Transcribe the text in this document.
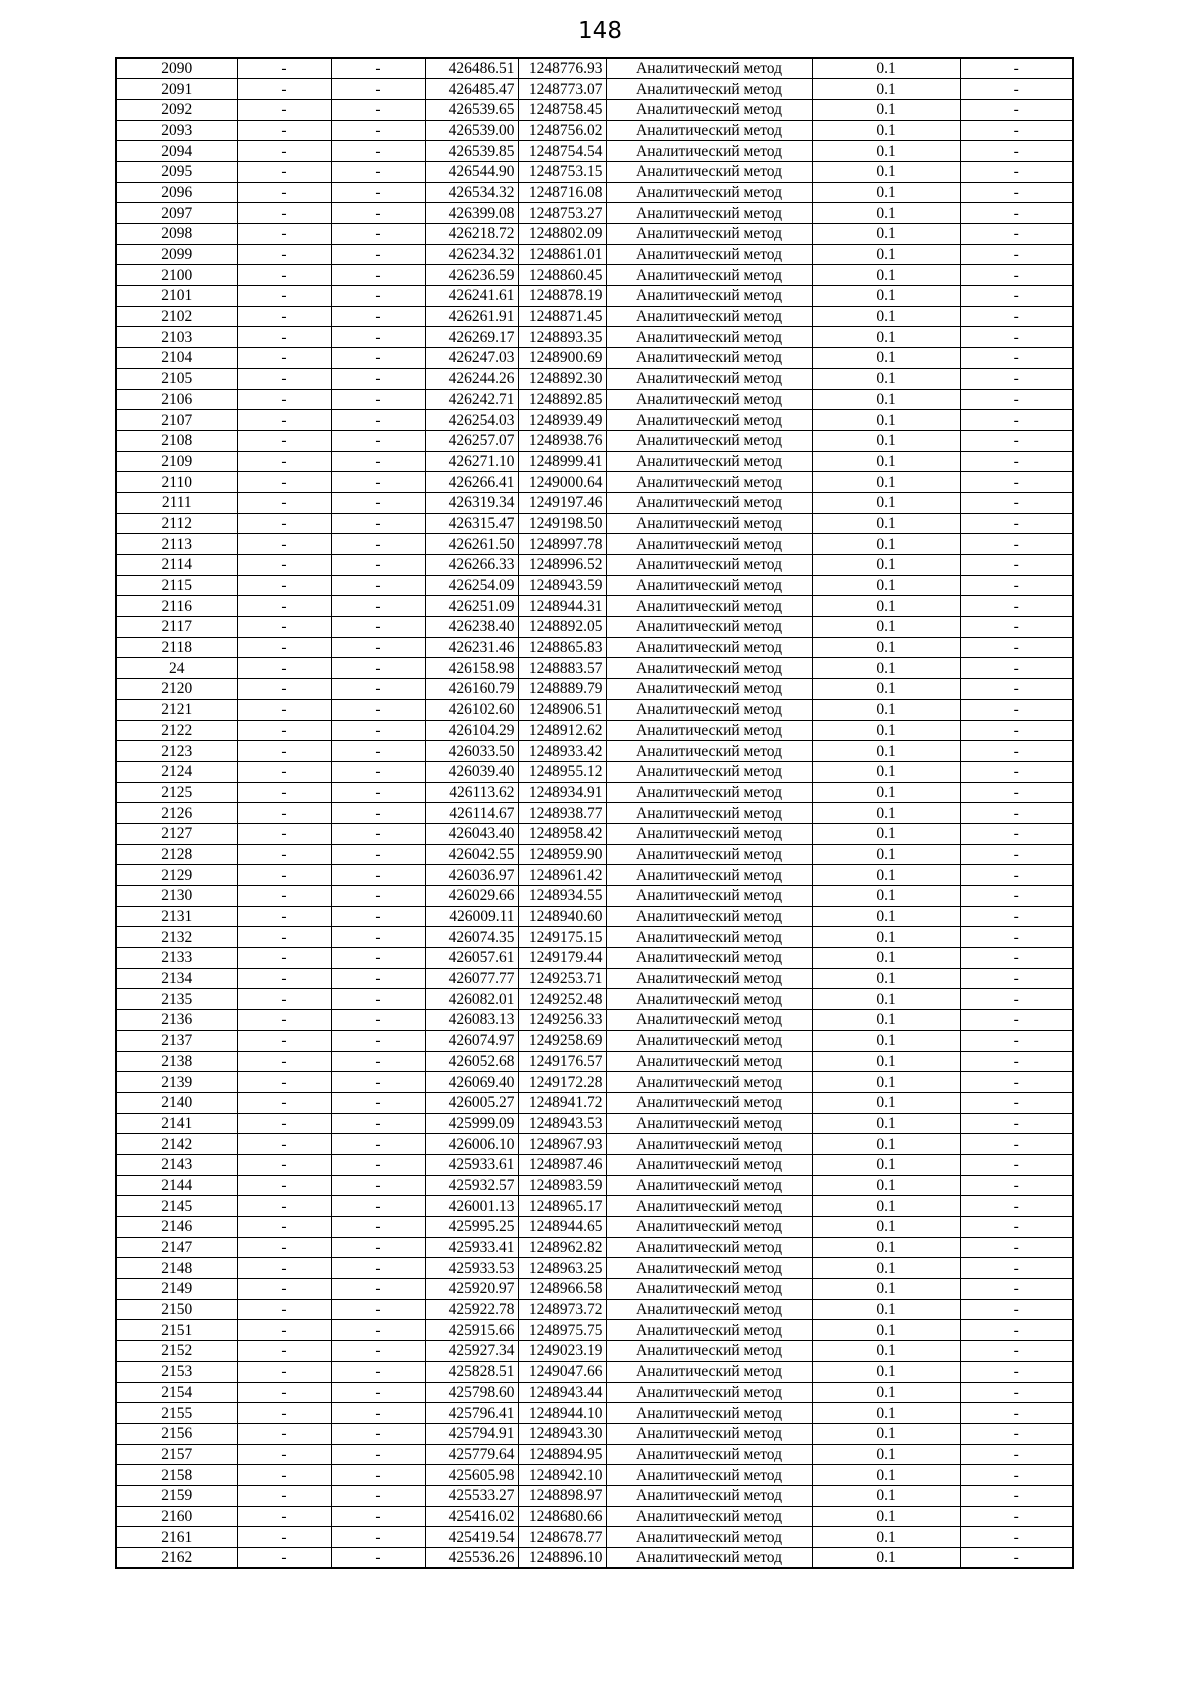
148
2090	-	-	426486.51	1248776.93	Аналитический метод	0.1	-
2091	-	-	426485.47	1248773.07	Аналитический метод	0.1	-
2092	-	-	426539.65	1248758.45	Аналитический метод	0.1	-
2093	-	-	426539.00	1248756.02	Аналитический метод	0.1	-
2094	-	-	426539.85	1248754.54	Аналитический метод	0.1	-
2095	-	-	426544.90	1248753.15	Аналитический метод	0.1	-
2096	-	-	426534.32	1248716.08	Аналитический метод	0.1	-
2097	-	-	426399.08	1248753.27	Аналитический метод	0.1	-
2098	-	-	426218.72	1248802.09	Аналитический метод	0.1	-
2099	-	-	426234.32	1248861.01	Аналитический метод	0.1	-
2100	-	-	426236.59	1248860.45	Аналитический метод	0.1	-
2101	-	-	426241.61	1248878.19	Аналитический метод	0.1	-
2102	-	-	426261.91	1248871.45	Аналитический метод	0.1	-
2103	-	-	426269.17	1248893.35	Аналитический метод	0.1	-
2104	-	-	426247.03	1248900.69	Аналитический метод	0.1	-
2105	-	-	426244.26	1248892.30	Аналитический метод	0.1	-
2106	-	-	426242.71	1248892.85	Аналитический метод	0.1	-
2107	-	-	426254.03	1248939.49	Аналитический метод	0.1	-
2108	-	-	426257.07	1248938.76	Аналитический метод	0.1	-
2109	-	-	426271.10	1248999.41	Аналитический метод	0.1	-
2110	-	-	426266.41	1249000.64	Аналитический метод	0.1	-
2111	-	-	426319.34	1249197.46	Аналитический метод	0.1	-
2112	-	-	426315.47	1249198.50	Аналитический метод	0.1	-
2113	-	-	426261.50	1248997.78	Аналитический метод	0.1	-
2114	-	-	426266.33	1248996.52	Аналитический метод	0.1	-
2115	-	-	426254.09	1248943.59	Аналитический метод	0.1	-
2116	-	-	426251.09	1248944.31	Аналитический метод	0.1	-
2117	-	-	426238.40	1248892.05	Аналитический метод	0.1	-
2118	-	-	426231.46	1248865.83	Аналитический метод	0.1	-
24	-	-	426158.98	1248883.57	Аналитический метод	0.1	-
2120	-	-	426160.79	1248889.79	Аналитический метод	0.1	-
2121	-	-	426102.60	1248906.51	Аналитический метод	0.1	-
2122	-	-	426104.29	1248912.62	Аналитический метод	0.1	-
2123	-	-	426033.50	1248933.42	Аналитический метод	0.1	-
2124	-	-	426039.40	1248955.12	Аналитический метод	0.1	-
2125	-	-	426113.62	1248934.91	Аналитический метод	0.1	-
2126	-	-	426114.67	1248938.77	Аналитический метод	0.1	-
2127	-	-	426043.40	1248958.42	Аналитический метод	0.1	-
2128	-	-	426042.55	1248959.90	Аналитический метод	0.1	-
2129	-	-	426036.97	1248961.42	Аналитический метод	0.1	-
2130	-	-	426029.66	1248934.55	Аналитический метод	0.1	-
2131	-	-	426009.11	1248940.60	Аналитический метод	0.1	-
2132	-	-	426074.35	1249175.15	Аналитический метод	0.1	-
2133	-	-	426057.61	1249179.44	Аналитический метод	0.1	-
2134	-	-	426077.77	1249253.71	Аналитический метод	0.1	-
2135	-	-	426082.01	1249252.48	Аналитический метод	0.1	-
2136	-	-	426083.13	1249256.33	Аналитический метод	0.1	-
2137	-	-	426074.97	1249258.69	Аналитический метод	0.1	-
2138	-	-	426052.68	1249176.57	Аналитический метод	0.1	-
2139	-	-	426069.40	1249172.28	Аналитический метод	0.1	-
2140	-	-	426005.27	1248941.72	Аналитический метод	0.1	-
2141	-	-	425999.09	1248943.53	Аналитический метод	0.1	-
2142	-	-	426006.10	1248967.93	Аналитический метод	0.1	-
2143	-	-	425933.61	1248987.46	Аналитический метод	0.1	-
2144	-	-	425932.57	1248983.59	Аналитический метод	0.1	-
2145	-	-	426001.13	1248965.17	Аналитический метод	0.1	-
2146	-	-	425995.25	1248944.65	Аналитический метод	0.1	-
2147	-	-	425933.41	1248962.82	Аналитический метод	0.1	-
2148	-	-	425933.53	1248963.25	Аналитический метод	0.1	-
2149	-	-	425920.97	1248966.58	Аналитический метод	0.1	-
2150	-	-	425922.78	1248973.72	Аналитический метод	0.1	-
2151	-	-	425915.66	1248975.75	Аналитический метод	0.1	-
2152	-	-	425927.34	1249023.19	Аналитический метод	0.1	-
2153	-	-	425828.51	1249047.66	Аналитический метод	0.1	-
2154	-	-	425798.60	1248943.44	Аналитический метод	0.1	-
2155	-	-	425796.41	1248944.10	Аналитический метод	0.1	-
2156	-	-	425794.91	1248943.30	Аналитический метод	0.1	-
2157	-	-	425779.64	1248894.95	Аналитический метод	0.1	-
2158	-	-	425605.98	1248942.10	Аналитический метод	0.1	-
2159	-	-	425533.27	1248898.97	Аналитический метод	0.1	-
2160	-	-	425416.02	1248680.66	Аналитический метод	0.1	-
2161	-	-	425419.54	1248678.77	Аналитический метод	0.1	-
2162	-	-	425536.26	1248896.10	Аналитический метод	0.1	-
